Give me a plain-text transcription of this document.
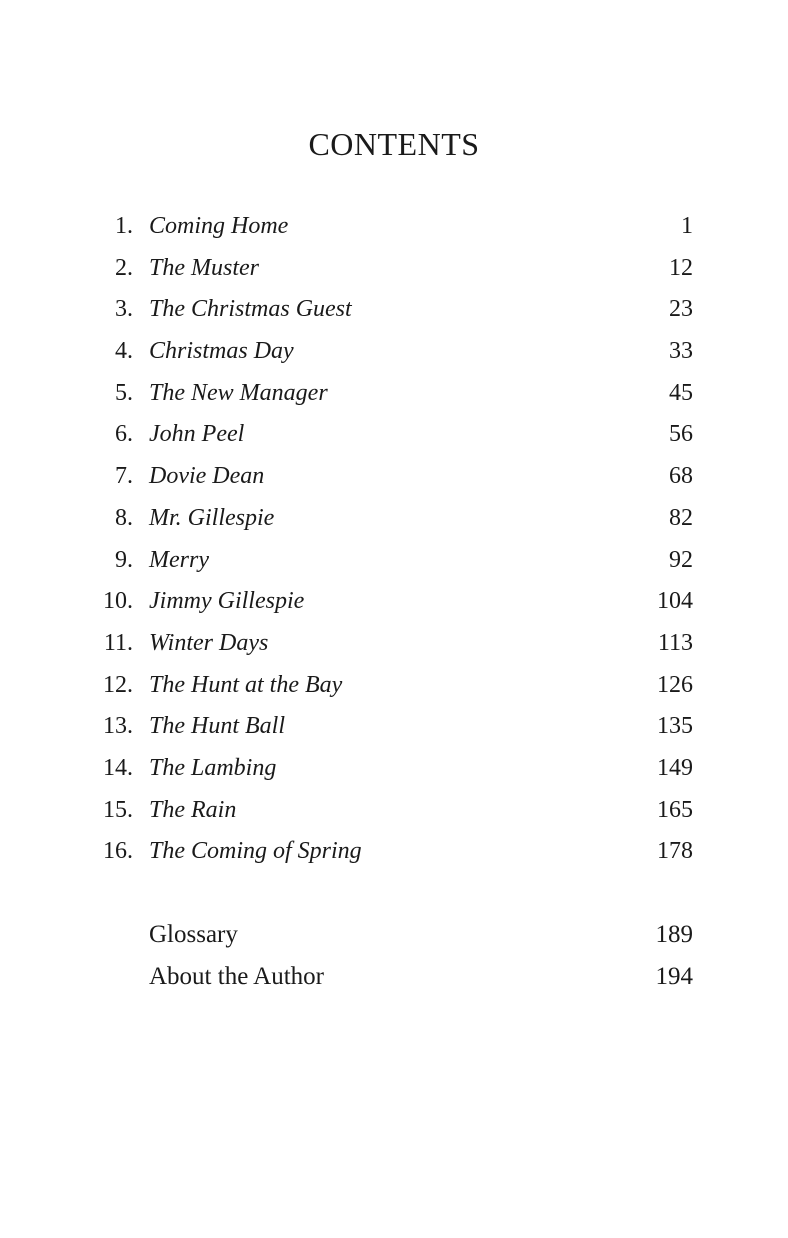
CONTENTS
1. Coming Home	1
2. The Muster	12
3. The Christmas Guest	23
4. Christmas Day	33
5. The New Manager	45
6. John Peel	56
7. Dovie Dean	68
8. Mr. Gillespie	82
9. Merry	92
10. Jimmy Gillespie	104
11. Winter Days	113
12. The Hunt at the Bay	126
13. The Hunt Ball	135
14. The Lambing	149
15. The Rain	165
16. The Coming of Spring	178
Glossary	189
About the Author	194
